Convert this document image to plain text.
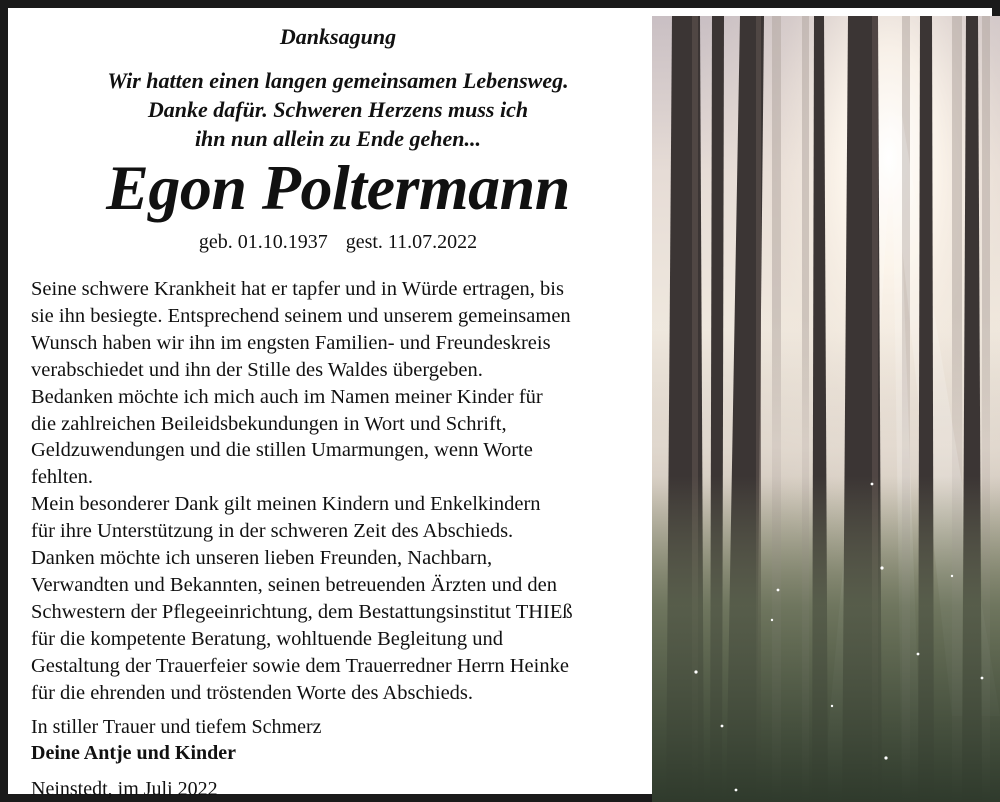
Danksagung
Wir hatten einen langen gemeinsamen Lebensweg.
Danke dafür. Schweren Herzens muss ich
ihn nun allein zu Ende gehen...
Egon Poltermann
geb. 01.10.1937 gest. 11.07.2022
Seine schwere Krankheit hat er tapfer und in Würde ertragen, bis
sie ihn besiegte. Entsprechend seinem und unserem gemeinsamen
Wunsch haben wir ihn im engsten Familien- und Freundeskreis
verabschiedet und ihn der Stille des Waldes übergeben.
Bedanken möchte ich mich auch im Namen meiner Kinder für
die zahlreichen Beileidsbekundungen in Wort und Schrift,
Geldzuwendungen und die stillen Umarmungen, wenn Worte
fehlten.
Mein besonderer Dank gilt meinen Kindern und Enkelkindern
für ihre Unterstützung in der schweren Zeit des Abschieds.
Danken möchte ich unseren lieben Freunden, Nachbarn,
Verwandten und Bekannten, seinen betreuenden Ärzten und den
Schwestern der Pflegeeinrichtung, dem Bestattungsinstitut THIEß
für die kompetente Beratung, wohltuende Begleitung und
Gestaltung der Trauerfeier sowie dem Trauerredner Herrn Heinke
für die ehrenden und tröstenden Worte des Abschieds.
In stiller Trauer und tiefem Schmerz
Deine Antje und Kinder
Neinstedt, im Juli 2022
